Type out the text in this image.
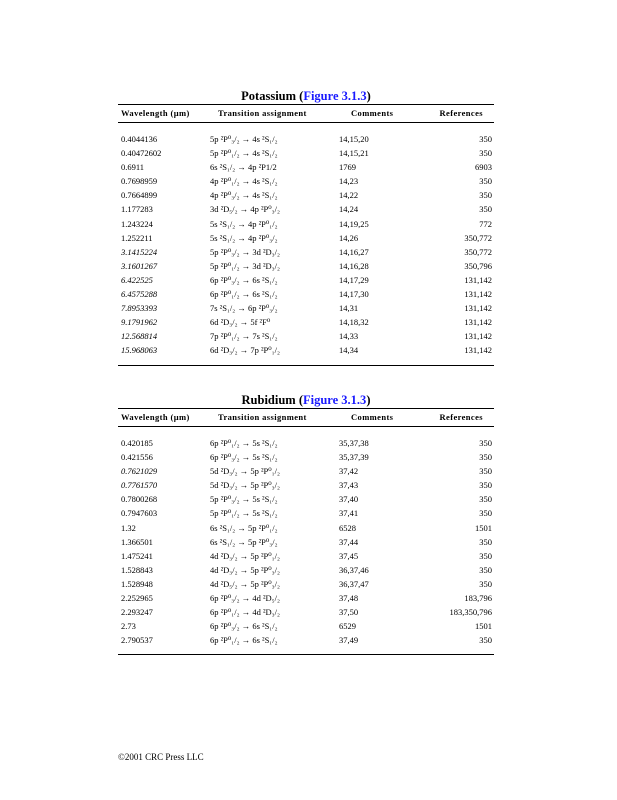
Potassium (Figure 3.1.3)
Wavelength (µm)	Transition assignment	Comments	References
0.4044136	5p ²P⁰₃/₂ → 4s ²S₁/₂	14,15,20	350
0.40472602	5p ²P⁰₁/₂ → 4s ²S₁/₂	14,15,21	350
0.6911	6s ²S₁/₂ → 4p ²P1/2	1769	6903
0.7698959	4p ²P⁰₁/₂ → 4s ²S₁/₂	14,23	350
0.7664899	4p ²P⁰₃/₂ → 4s ²S₁/₂	14,22	350
1.177283	3d ²D₅/₂ → 4p ²P⁰₃/₂	14,24	350
1.243224	5s ²S₁/₂ → 4p ²P⁰₁/₂	14,19,25	772
1.252211	5s ²S₁/₂ → 4p ²P⁰₃/₂	14,26	350,772
3.1415224	5p ²P⁰₃/₂ → 3d ²D₃/₂	14,16,27	350,772
3.1601267	5p ²P⁰₁/₂ → 3d ²D₃/₂	14,16,28	350,796
6.422525	6p ²P⁰₃/₂ → 6s ²S₁/₂	14,17,29	131,142
6.4575288	6p ²P⁰₁/₂ → 6s ²S₁/₂	14,17,30	131,142
7.8953393	7s ²S₁/₂ → 6p ²P⁰₃/₂	14,31	131,142
9.1791962	6d ²D₃/₂ → 5f ²F⁰	14,18,32	131,142
12.568814	7p ²P⁰₁/₂ → 7s ²S₁/₂	14,33	131,142
15.968063	6d ²D₃/₂ → 7p ²P⁰₁/₂	14,34	131,142
Rubidium (Figure 3.1.3)
Wavelength (µm)	Transition assignment	Comments	References
0.420185	6p ²P⁰₁/₂ → 5s ²S₁/₂	35,37,38	350
0.421556	6p ²P⁰₃/₂ → 5s ²S₁/₂	35,37,39	350
0.7621029	5d ²D₃/₂ → 5p ²P⁰₁/₂	37,42	350
0.7761570	5d ²D₃/₂ → 5p ²P⁰₃/₂	37,43	350
0.7800268	5p ²P⁰₃/₂ → 5s ²S₁/₂	37,40	350
0.7947603	5p ²P⁰₁/₂ → 5s ²S₁/₂	37,41	350
1.32	6s ²S₁/₂ → 5p ²P⁰₁/₂	6528	1501
1.366501	6s ²S₁/₂ → 5p ²P⁰₃/₂	37,44	350
1.475241	4d ²D₃/₂ → 5p ²P⁰₁/₂	37,45	350
1.528843	4d ²D₃/₂ → 5p ²P⁰₃/₂	36,37,46	350
1.528948	4d ²D₅/₂ → 5p ²P⁰₃/₂	36,37,47	350
2.252965	6p ²P⁰₃/₂ → 4d ²D₅/₂	37,48	183,796
2.293247	6p ²P⁰₁/₂ → 4d ²D₃/₂	37,50	183,350,796
2.73	6p ²P⁰₃/₂ → 6s ²S₁/₂	6529	1501
2.790537	6p ²P⁰₁/₂ → 6s ²S₁/₂	37,49	350
©2001 CRC Press LLC
